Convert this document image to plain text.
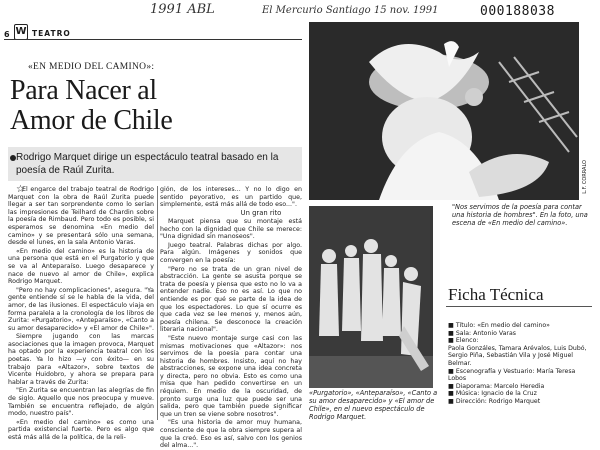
1991 ABL	El Mercurio Santiago 15 nov. 1991	000188038
6 W TEATRO
«EN MEDIO DEL CAMINO»:
Para Nacer al
Amor de Chile
Rodrigo Marquet dirige un espectáculo teatral basado en la poesía de Raúl Zurita.
☆

El engarce del trabajo teatral de Rodrigo Marquet con la obra de Raúl Zurita puede llegar a ser tan sorprendente como lo serían las impresiones de Teilhard de Chardin sobre la poesía de Rimbaud. Pero todo es posible, si esperamos se denomina «En medio del camino» y se presentará sólo una semana, desde el lunes, en la sala Antonio Varas.

«En medio del camino» es la historia de una persona que está en el Purgatorio y que se va al Anteparaíso. Luego desaparece y nace de nuevo al amor de Chile», explica Rodrigo Marquet.

"Pero no hay complicaciones", asegura. "Ya gente entiende sí se le habla de la vida, del amor, de las ilusiones. El espectáculo viaja en forma paralela a la cronología de los libros de Zurita: «Purgatorio», «Anteparaíso», «Canto a su amor desaparecido» y «El amor de Chile»".

Siempre jugando con las marcas asociaciones que la imagen provoca, Marquet ha optado por la experiencia teatral con los poetas. Ya lo hizo —y con éxito— en su trabajo para «Altazor», sobre textos de Vicente Huidobro, y ahora se prepara para hablar a través de Zurita:

"En Zurita se encuentran las alegrías de fin de siglo. Aquello que nos preocupa y mueve. También se encuentra reflejado, de algún modo, nuestro país".

«En medio del camino» es como una partida existencial fuerte. Pero es algo que está más allá de la política, de la reli-

gión, de los intereses... Y no lo digo en sentido peyorativo, es un partido que, simplemente, está más allá de todo eso...".

Un gran rito

Marquet piensa que su montaje está hecho con la dignidad que Chile se merece: "Una dignidad sin manoseos".

Juego teatral. Palabras dichas por algo. Para algún. Imágenes y sonidos que convergen en la poesía:

"Pero no se trata de un gran nivel de abstracción. La gente se asusta porque se trata de poesía y piensa que esto no lo va a entender nadie. Eso no es así. Lo que no entiende es por qué se parte de la idea de que los espectadores. Lo que sí ocurre es que cada vez se lee menos y, menos aún, poesía chilena. Se desconoce la creación literaria nacional".

"Este nuevo montaje surge casi con las mismas motivaciones que «Altazor»: nos servimos de la poesía para contar una historia de hombres. Insisto, aquí no hay abstracciones, se expone una idea concreta y directa, pero no obvia. Esto es como una misa que han pedido convertirse en un réquiem. En medio de la oscuridad, de pronto surge una luz que puede ser una salida, pero que también puede significar que un tren se viene sobre nosotros".

"Es una historia de amor muy humana, consciente de que la obra siempre supera al que la creó. Eso es así, salvo con los genios del alma...".

L.F. CORRALO
"Nos servimos de la poesía para contar una historia de hombres". En la foto, una escena de «En medio del camino».
«Purgatorio», «Anteparaíso», «Canto a su amor desaparecido» y «El amor de Chile», en el nuevo espectáculo de Rodrigo Marquet.
Ficha Técnica
■ Título: «En medio del camino»
■ Sala: Antonio Varas
■ Elenco:
Paola Gonzáles, Tamara Arévalos, Luis Dubó, Sergio Piña, Sebastián Vila y José Miguel Belmar.
■ Escenografía y Vestuario: María Teresa Lobos
■ Diaporama: Marcelo Heredia
■ Música: Ignacio de la Cruz
■ Dirección: Rodrigo Marquet
